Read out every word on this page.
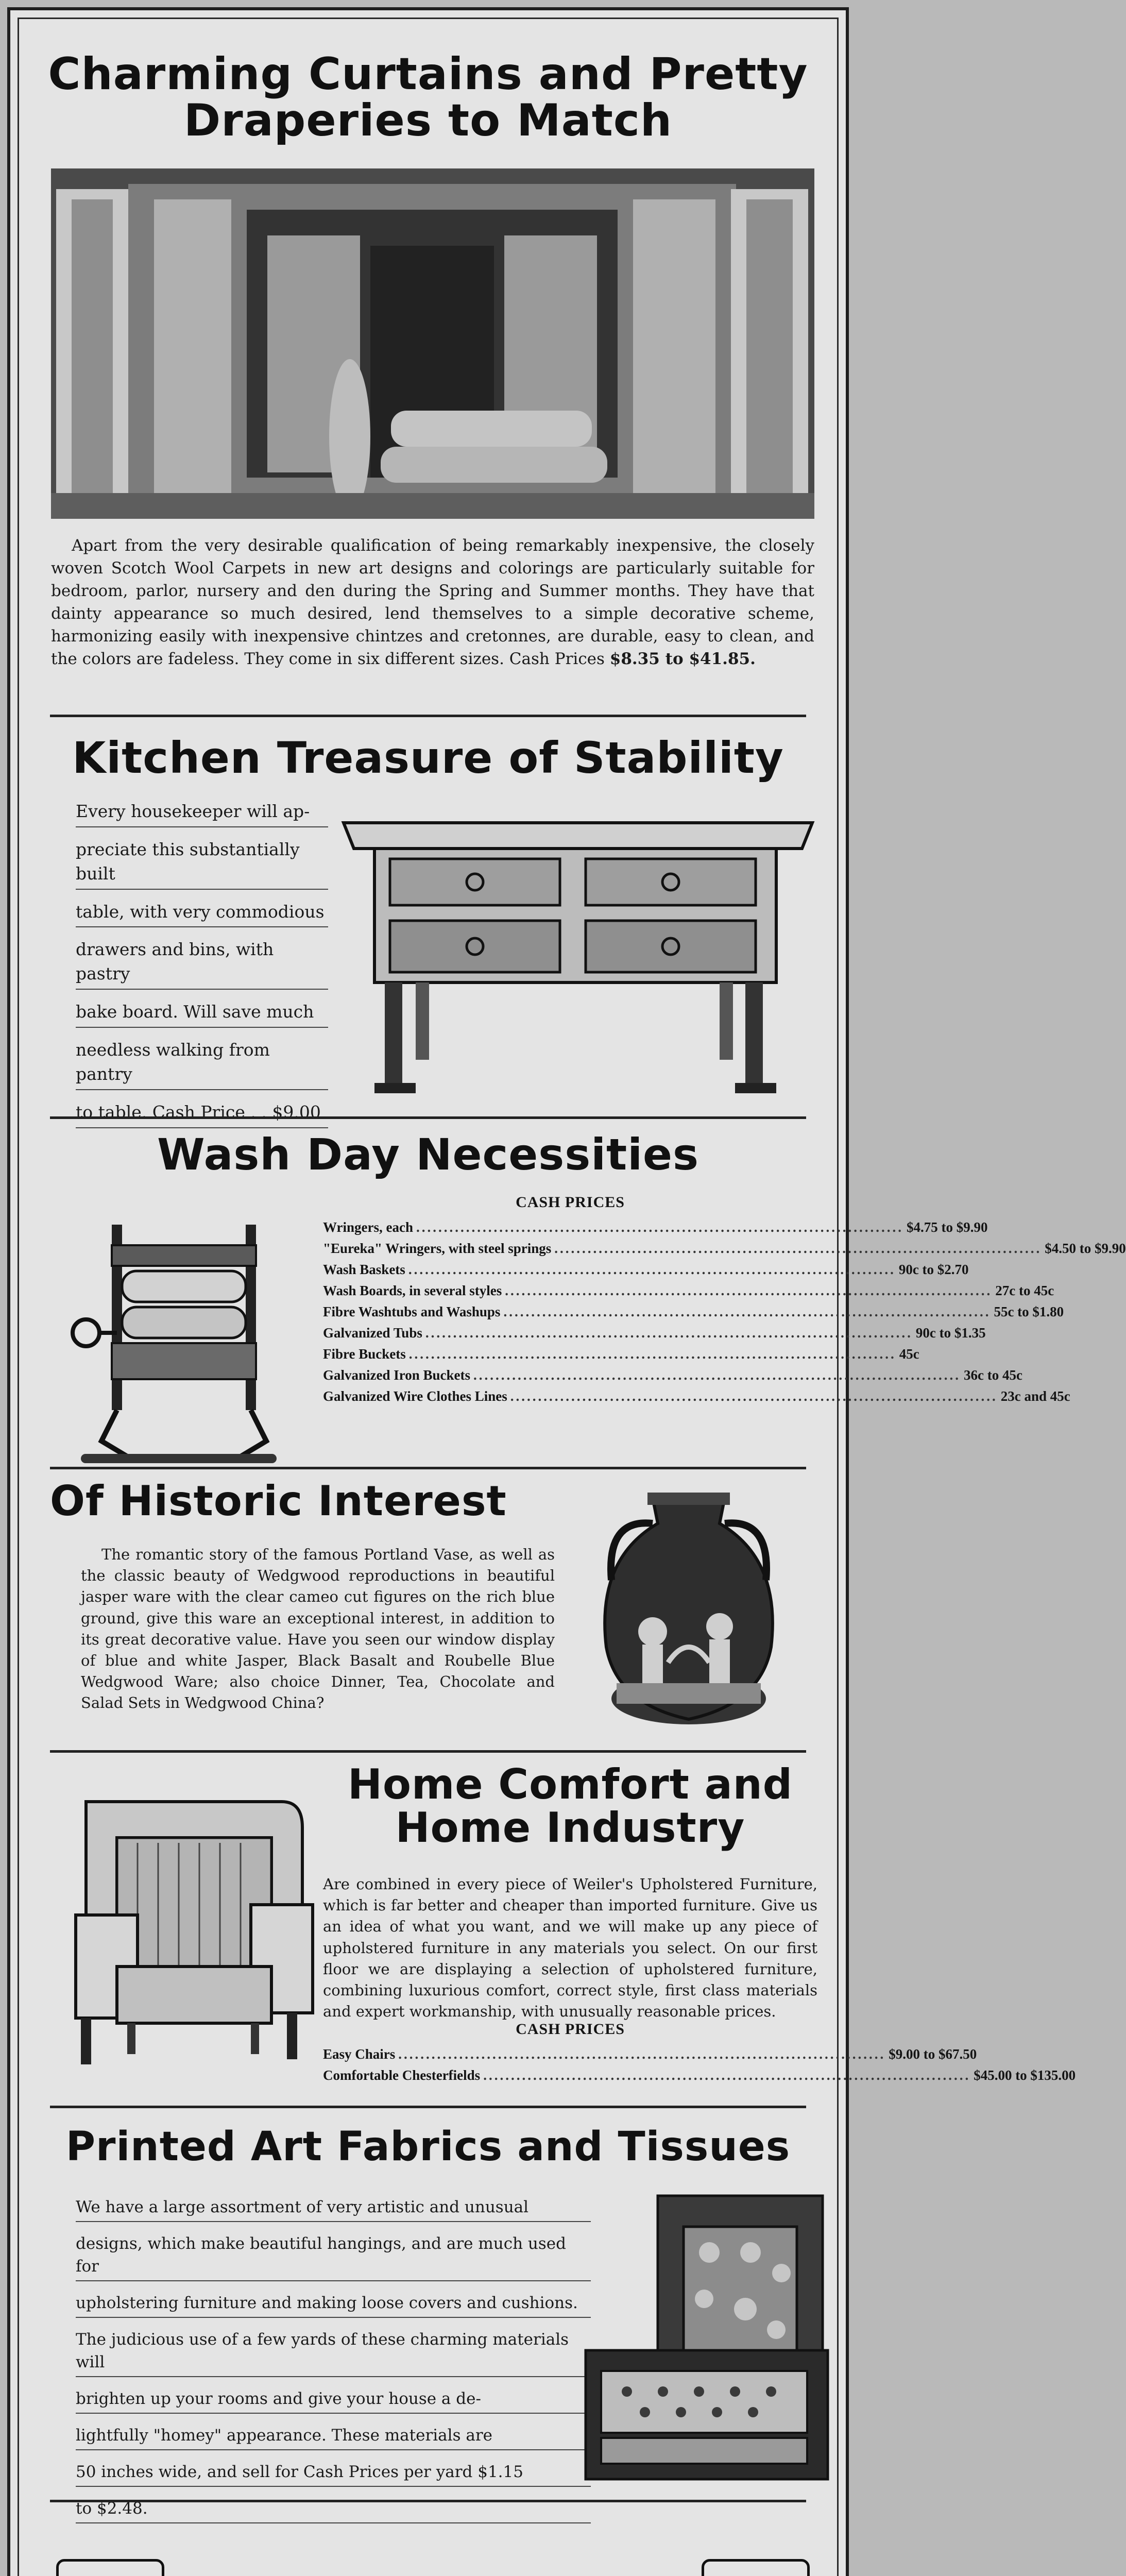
Charming Curtains and Pretty
Draperies to Match
Apart from the very desirable qualification of being remarkably inexpensive, the closely woven Scotch Wool Carpets in new art designs and colorings are particularly suitable for bedroom, parlor, nursery and den during the Spring and Summer months. They have that dainty appearance so much desired, lend themselves to a simple decorative scheme, harmonizing easily with inexpensive chintzes and cretonnes, are durable, easy to clean, and the colors are fadeless. They come in six different sizes. Cash Prices $8.35 to $41.85.
Kitchen Treasure of Stability
Every housekeeper will ap-
preciate this substantially built
table, with very commodious
drawers and bins, with pastry
bake board. Will save much
needless walking from pantry
to table. Cash Price . . $9.00
Wash Day Necessities
CASH PRICES
Wringers, each ........................................................................................ $4.75 to $9.90
"Eureka" Wringers, with steel springs ........................................................................................ $4.50 to $9.90
Wash Baskets ........................................................................................ 90c to $2.70
Wash Boards, in several styles ........................................................................................ 27c to 45c
Fibre Washtubs and Washups ........................................................................................ 55c to $1.80
Galvanized Tubs ........................................................................................ 90c to $1.35
Fibre Buckets ........................................................................................ 45c
Galvanized Iron Buckets ........................................................................................ 36c to 45c
Galvanized Wire Clothes Lines ........................................................................................ 23c and 45c
Of Historic Interest
The romantic story of the famous Portland Vase, as well as the classic beauty of Wedgwood reproductions in beautiful jasper ware with the clear cameo cut figures on the rich blue ground, give this ware an exceptional interest, in addition to its great decorative value. Have you seen our window display of blue and white Jasper, Black Basalt and Roubelle Blue Wedgwood Ware; also choice Dinner, Tea, Chocolate and Salad Sets in Wedgwood China?
Home Comfort and
Home Industry
Are combined in every piece of Weiler's Upholstered Furniture, which is far better and cheaper than imported furniture. Give us an idea of what you want, and we will make up any piece of upholstered furniture in any materials you select. On our first floor we are displaying a selection of upholstered furniture, combining luxurious comfort, correct style, first class materials and expert workmanship, with unusually reasonable prices.
CASH PRICES
Easy Chairs ........................................................................................ $9.00 to $67.50
Comfortable Chesterfields ........................................................................................ $45.00 to $135.00
Printed Art Fabrics and Tissues
We have a large assortment of very artistic and unusual
designs, which make beautiful hangings, and are much used for
upholstering furniture and making loose covers and cushions.
The judicious use of a few yards of these charming materials will
brighten up your rooms and give your house a de-
lightfully "homey" appearance. These materials are
50 inches wide, and sell for Cash Prices per yard $1.15
to $2.48.
